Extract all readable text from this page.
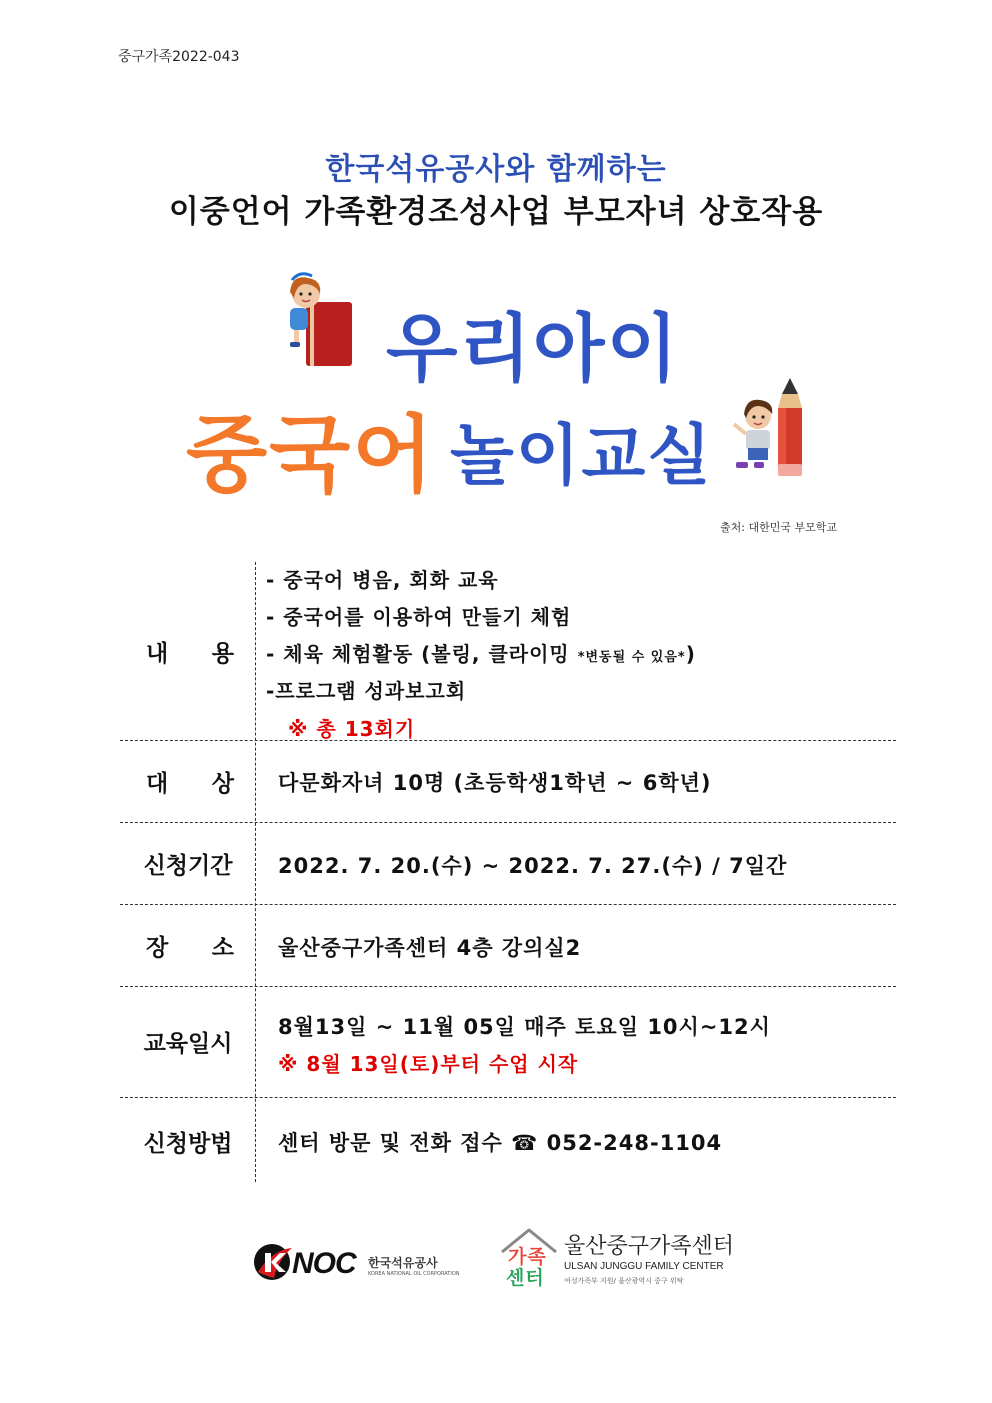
중구가족2022-043
한국석유공사와 함께하는
이중언어 가족환경조성사업 부모자녀 상호작용
우리아이
중국어 놀이교실
출처: 대한민국 부모학교
내 용
- 중국어 병음, 회화 교육
- 중국어를 이용하여 만들기 체험
- 체육 체험활동 (볼링, 클라이밍 *변동될 수 있음*)
-프로그램 성과보고회
※ 총 13회기
대 상 다문화자녀 10명 (초등학생1학년 ~ 6학년)
신청기간	2022. 7. 20.(수) ~ 2022. 7. 27.(수) / 7일간
장 소 울산중구가족센터 4층 강의실2
교육일시
8월13일 ~ 11월 05일 매주 토요일 10시~12시
※ 8월 13일(토)부터 수업 시작
신청방법	센터 방문 및 전화 접수 ☎ 052-248-1104
NOC 한국석유공사
KOREA NATIONAL OIL CORPORATION
가족
센터
울산중구가족센터
ULSAN JUNGGU FAMILY CENTER
여성가족부 지원/ 울산광역시 중구 위탁
